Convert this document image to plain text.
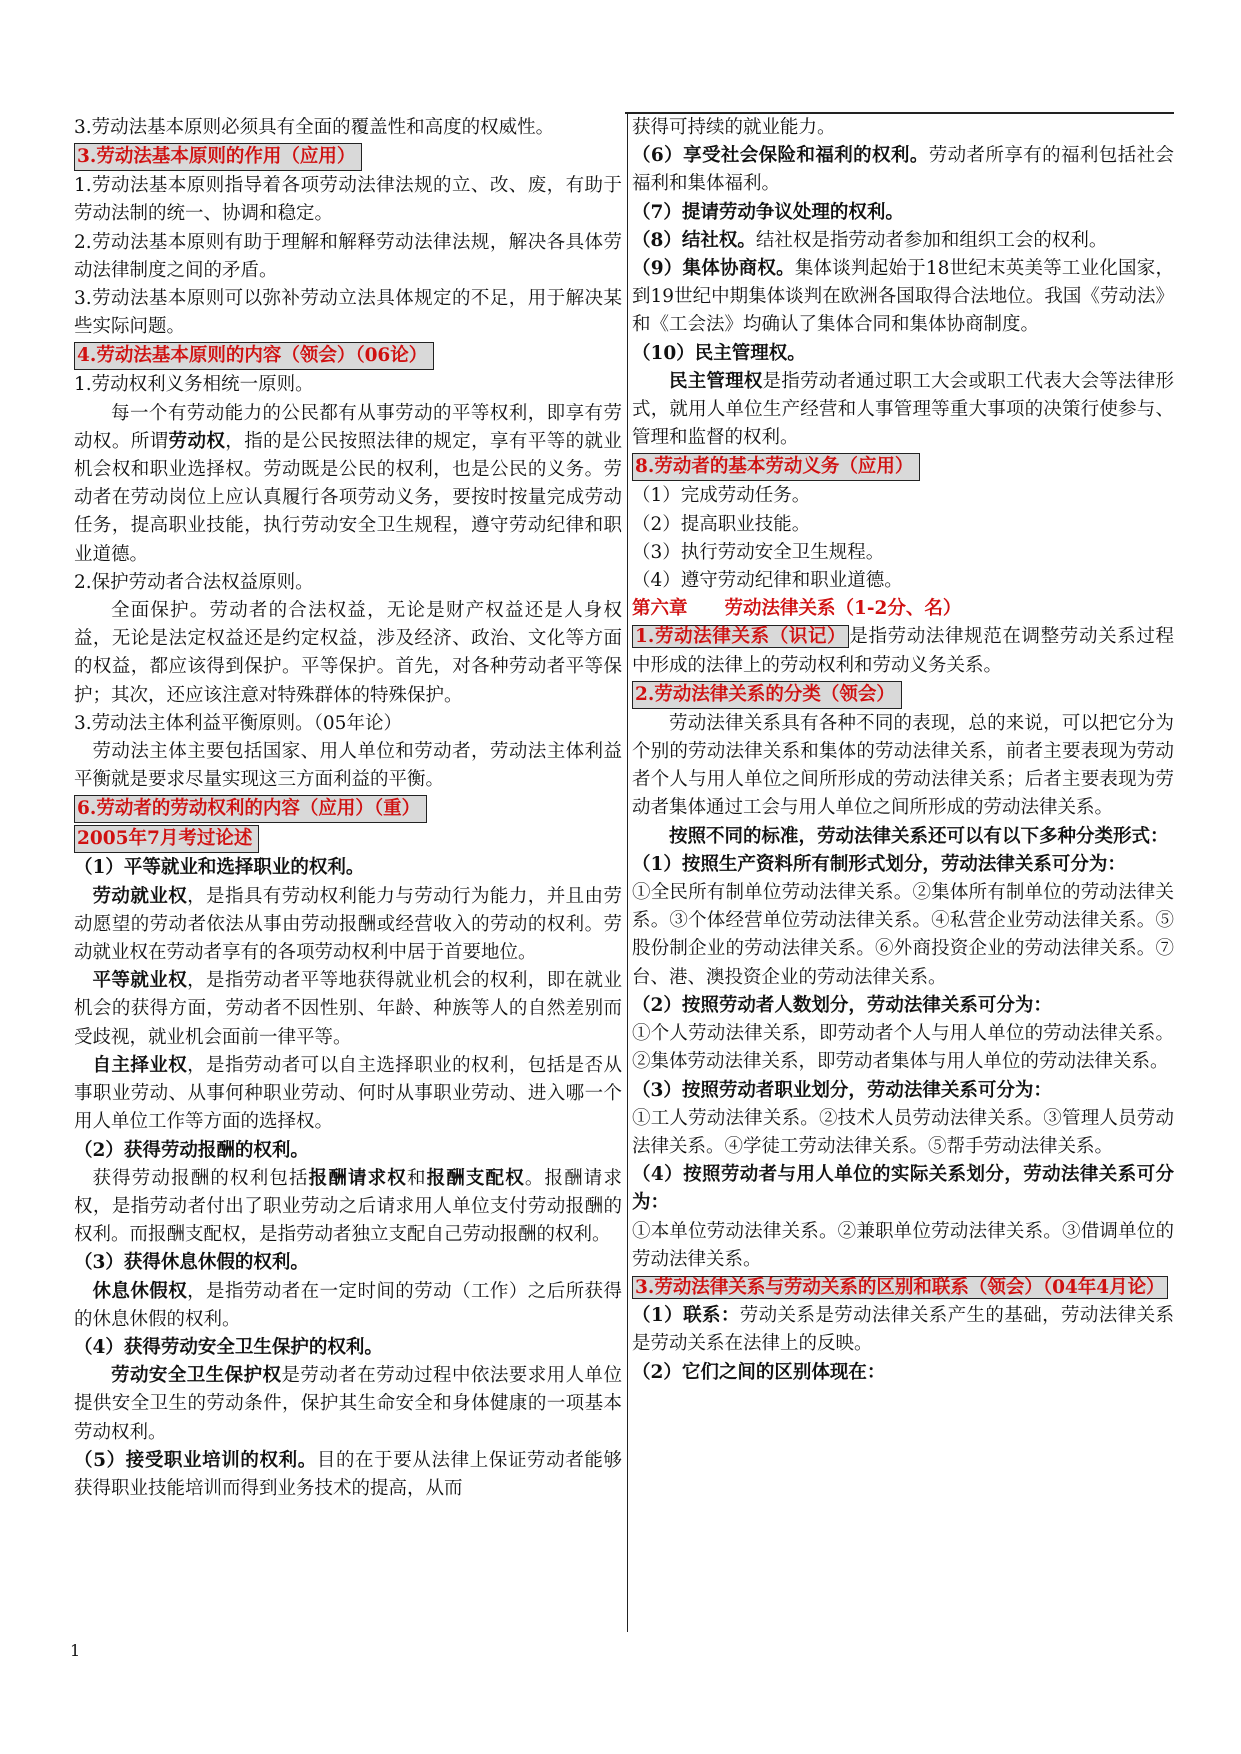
3.劳动法基本原则必须具有全面的覆盖性和高度的权威性。

3.劳动法基本原则的作用（应用）

1.劳动法基本原则指导着各项劳动法律法规的立、改、废，有助于劳动法制的统一、协调和稳定。

2.劳动法基本原则有助于理解和解释劳动法律法规，解决各具体劳动法律制度之间的矛盾。

3.劳动法基本原则可以弥补劳动立法具体规定的不足，用于解决某些实际问题。

4.劳动法基本原则的内容（领会）（06论）

1.劳动权利义务相统一原则。

每一个有劳动能力的公民都有从事劳动的平等权利，即享有劳动权。所谓劳动权，指的是公民按照法律的规定，享有平等的就业机会权和职业选择权。劳动既是公民的权利，也是公民的义务。劳动者在劳动岗位上应认真履行各项劳动义务，要按时按量完成劳动任务，提高职业技能，执行劳动安全卫生规程，遵守劳动纪律和职业道德。

2.保护劳动者合法权益原则。

全面保护。劳动者的合法权益，无论是财产权益还是人身权益，无论是法定权益还是约定权益，涉及经济、政治、文化等方面的权益，都应该得到保护。平等保护。首先，对各种劳动者平等保护；其次，还应该注意对特殊群体的特殊保护。

3.劳动法主体利益平衡原则。（05年论）

劳动法主体主要包括国家、用人单位和劳动者，劳动法主体利益平衡就是要求尽量实现这三方面利益的平衡。

6.劳动者的劳动权利的内容（应用）（重）
2005年7月考过论述

（1）平等就业和选择职业的权利。

劳动就业权，是指具有劳动权利能力与劳动行为能力，并且由劳动愿望的劳动者依法从事由劳动报酬或经营收入的劳动的权利。劳动就业权在劳动者享有的各项劳动权利中居于首要地位。

平等就业权，是指劳动者平等地获得就业机会的权利，即在就业机会的获得方面，劳动者不因性别、年龄、种族等人的自然差别而受歧视，就业机会面前一律平等。

自主择业权，是指劳动者可以自主选择职业的权利，包括是否从事职业劳动、从事何种职业劳动、何时从事职业劳动、进入哪一个用人单位工作等方面的选择权。

（2）获得劳动报酬的权利。

获得劳动报酬的权利包括报酬请求权和报酬支配权。报酬请求权，是指劳动者付出了职业劳动之后请求用人单位支付劳动报酬的权利。而报酬支配权，是指劳动者独立支配自己劳动报酬的权利。

（3）获得休息休假的权利。

休息休假权，是指劳动者在一定时间的劳动（工作）之后所获得的休息休假的权利。

（4）获得劳动安全卫生保护的权利。

劳动安全卫生保护权是劳动者在劳动过程中依法要求用人单位提供安全卫生的劳动条件，保护其生命安全和身体健康的一项基本劳动权利。

（5）接受职业培训的权利。目的在于要从法律上保证劳动者能够获得职业技能培训而得到业务技术的提高，从而

获得可持续的就业能力。

（6）享受社会保险和福利的权利。劳动者所享有的福利包括社会福利和集体福利。

（7）提请劳动争议处理的权利。

（8）结社权。结社权是指劳动者参加和组织工会的权利。

（9）集体协商权。集体谈判起始于18世纪末英美等工业化国家，到19世纪中期集体谈判在欧洲各国取得合法地位。我国《劳动法》和《工会法》均确认了集体合同和集体协商制度。

（10）民主管理权。

民主管理权是指劳动者通过职工大会或职工代表大会等法律形式，就用人单位生产经营和人事管理等重大事项的决策行使参与、管理和监督的权利。

8.劳动者的基本劳动义务（应用）

（1）完成劳动任务。

（2）提高职业技能。

（3）执行劳动安全卫生规程。

（4）遵守劳动纪律和职业道德。

第六章　　劳动法律关系（1-2分、名）

1.劳动法律关系（识记） 是指劳动法律规范在调整劳动关系过程中形成的法律上的劳动权利和劳动义务关系。

2.劳动法律关系的分类（领会）

劳动法律关系具有各种不同的表现，总的来说，可以把它分为个别的劳动法律关系和集体的劳动法律关系，前者主要表现为劳动者个人与用人单位之间所形成的劳动法律关系；后者主要表现为劳动者集体通过工会与用人单位之间所形成的劳动法律关系。

按照不同的标准，劳动法律关系还可以有以下多种分类形式：

（1）按照生产资料所有制形式划分，劳动法律关系可分为：

①全民所有制单位劳动法律关系。②集体所有制单位的劳动法律关系。③个体经营单位劳动法律关系。④私营企业劳动法律关系。⑤股份制企业的劳动法律关系。⑥外商投资企业的劳动法律关系。⑦台、港、澳投资企业的劳动法律关系。

（2）按照劳动者人数划分，劳动法律关系可分为：

①个人劳动法律关系，即劳动者个人与用人单位的劳动法律关系。②集体劳动法律关系，即劳动者集体与用人单位的劳动法律关系。

（3）按照劳动者职业划分，劳动法律关系可分为：

①工人劳动法律关系。②技术人员劳动法律关系。③管理人员劳动法律关系。④学徒工劳动法律关系。⑤帮手劳动法律关系。

（4）按照劳动者与用人单位的实际关系划分，劳动法律关系可分为：

①本单位劳动法律关系。②兼职单位劳动法律关系。③借调单位的劳动法律关系。

3.劳动法律关系与劳动关系的区别和联系（领会）（04年4月论）

（1）联系：劳动关系是劳动法律关系产生的基础，劳动法律关系是劳动关系在法律上的反映。

（2）它们之间的区别体现在：

1
